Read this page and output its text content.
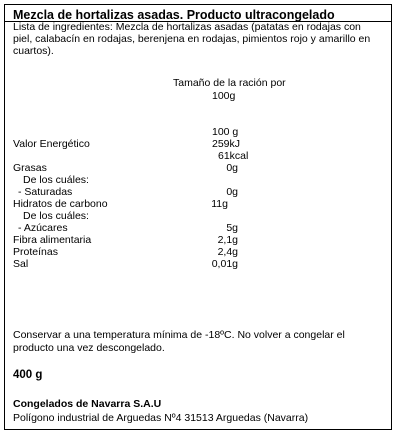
Mezcla de hortalizas asadas. Producto ultracongelado
Lista de ingredientes: Mezcla de hortalizas asadas (patatas en rodajas con piel, calabacín en rodajas, berenjena en rodajas, pimientos rojo y amarillo en cuartos).
Tamaño de la ración por
100g
100 g
Valor Energético	259kJ
61kcal
Grasas	0g
De los cuáles:
- Saturadas	0g
Hidratos de carbono	11g
De los cuáles:
- Azúcares	5g
Fibra alimentaria	2,1g
Proteínas	2,4g
Sal	0,01g
Conservar a una temperatura mínima de -18ºC. No volver a congelar el producto una vez descongelado.
400 g
Congelados de Navarra S.A.U
Polígono industrial de Arguedas Nº4 31513 Arguedas (Navarra)
